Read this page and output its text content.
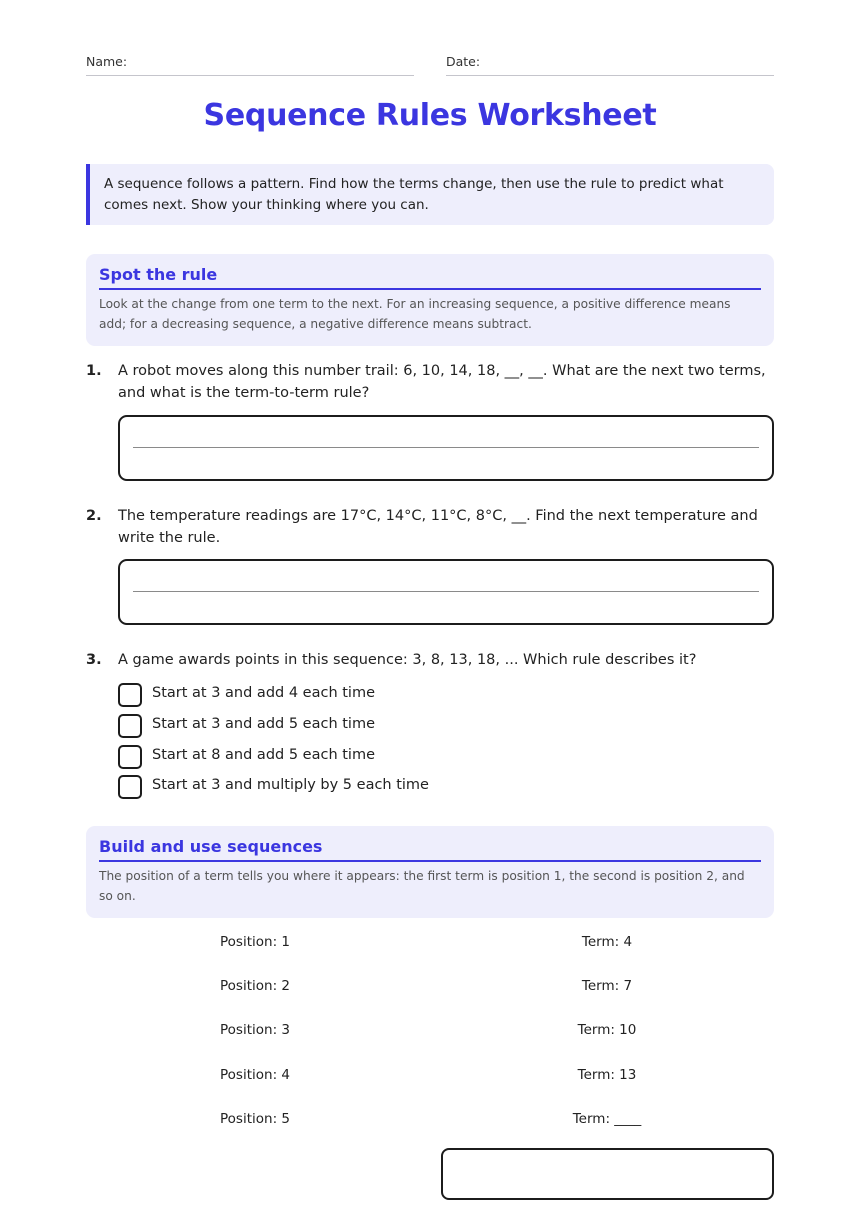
Name:	Date:
Sequence Rules Worksheet
A sequence follows a pattern. Find how the terms change, then use the rule to predict what comes next. Show your thinking where you can.
Spot the rule
Look at the change from one term to the next. For an increasing sequence, a positive difference means add; for a decreasing sequence, a negative difference means subtract.
1. A robot moves along this number trail: 6, 10, 14, 18, __, __. What are the next two terms, and what is the term-to-term rule?
2. The temperature readings are 17°C, 14°C, 11°C, 8°C, __. Find the next temperature and write the rule.
3. A game awards points in this sequence: 3, 8, 13, 18, ... Which rule describes it?
Start at 3 and add 4 each time
Start at 3 and add 5 each time
Start at 8 and add 5 each time
Start at 3 and multiply by 5 each time
Build and use sequences
The position of a term tells you where it appears: the first term is position 1, the second is position 2, and so on.
Position: 1	Term: 4
Position: 2	Term: 7
Position: 3	Term: 10
Position: 4	Term: 13
Position: 5	Term: ____
